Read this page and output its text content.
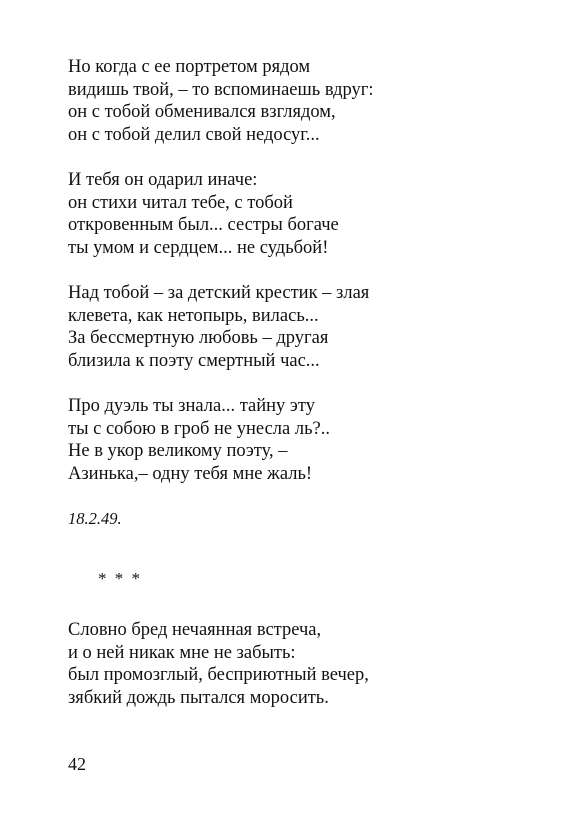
Но когда с ее портретом рядом
видишь твой, – то вспоминаешь вдруг:
он с тобой обменивался взглядом,
он с тобой делил свой недосуг...
И тебя он одарил иначе:
он стихи читал тебе, с тобой
откровенным был... сестры богаче
ты умом и сердцем... не судьбой!
Над тобой – за детский крестик – злая
клевета, как нетопырь, вилась...
За бессмертную любовь – другая
близила к поэту смертный час...
Про дуэль ты знала... тайну эту
ты с собою в гроб не унесла ль?..
Не в укор великому поэту, –
Азинька,– одну тебя мне жаль!
18.2.49.
* * *
Словно бред нечаянная встреча,
и о ней никак мне не забыть:
был промозглый, бесприютный вечер,
зябкий дождь пытался моросить.
42
